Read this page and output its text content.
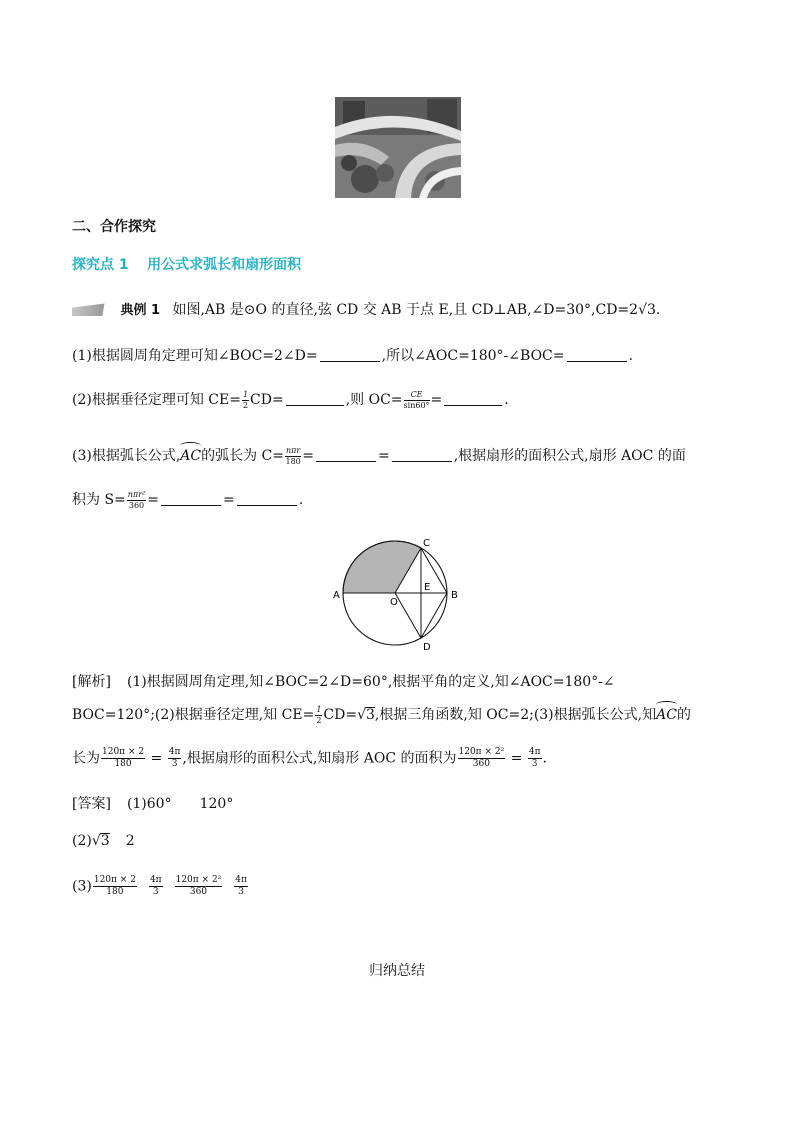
二、合作探究
探究点 1 用公式求弧长和扇形面积
典例 1 如图,AB 是⊙O 的直径,弦 CD 交 AB 于点 E,且 CD⊥AB,∠D=30°,CD=2√3.
(1)根据圆周角定理可知∠BOC=2∠D=	,所以∠AOC=180°-∠BOC=	.
(2)根据垂径定理可知 $CE= \frac{1}{2} CD=$	,则 $OC= \frac{CE}{\sin 60^\circ}$ =	.
(3)根据弧长公式,AC的弧长为 $C= \frac{\text{nπr}}{180}$ =	=	,根据扇形的面积公式,扇形 AOC 的面
积为 $S= \frac{\text{nπr²}}{360}$ =	=	.
A
O
E
B
C
D
[解析] (1)根据圆周角定理,知∠BOC=2∠D=60°,根据平角的定义,知∠AOC=180°-∠
BOC=120°;(2)根据垂径定理,知 $CE= \frac{1}{2} CD=√3$,根据三角函数,知 OC=2;(3)根据弧长公式,知AC的
长为 $\frac{120\pi \times 2}{180} = \frac{4\pi}{3}$ ,根据扇形的面积公式,知扇形 AOC 的面积为 $\frac{\text{120π × 2²}}{360} = \frac{4\pi}{3}$ .
[答案] (1)60° 120°
(2)√3 2
$(3) \frac{120\pi \times 2}{180} \frac{4\pi}{3} \frac{\text{120π × 2²}}{360} \frac{4\pi}{3}$
归纳总结
